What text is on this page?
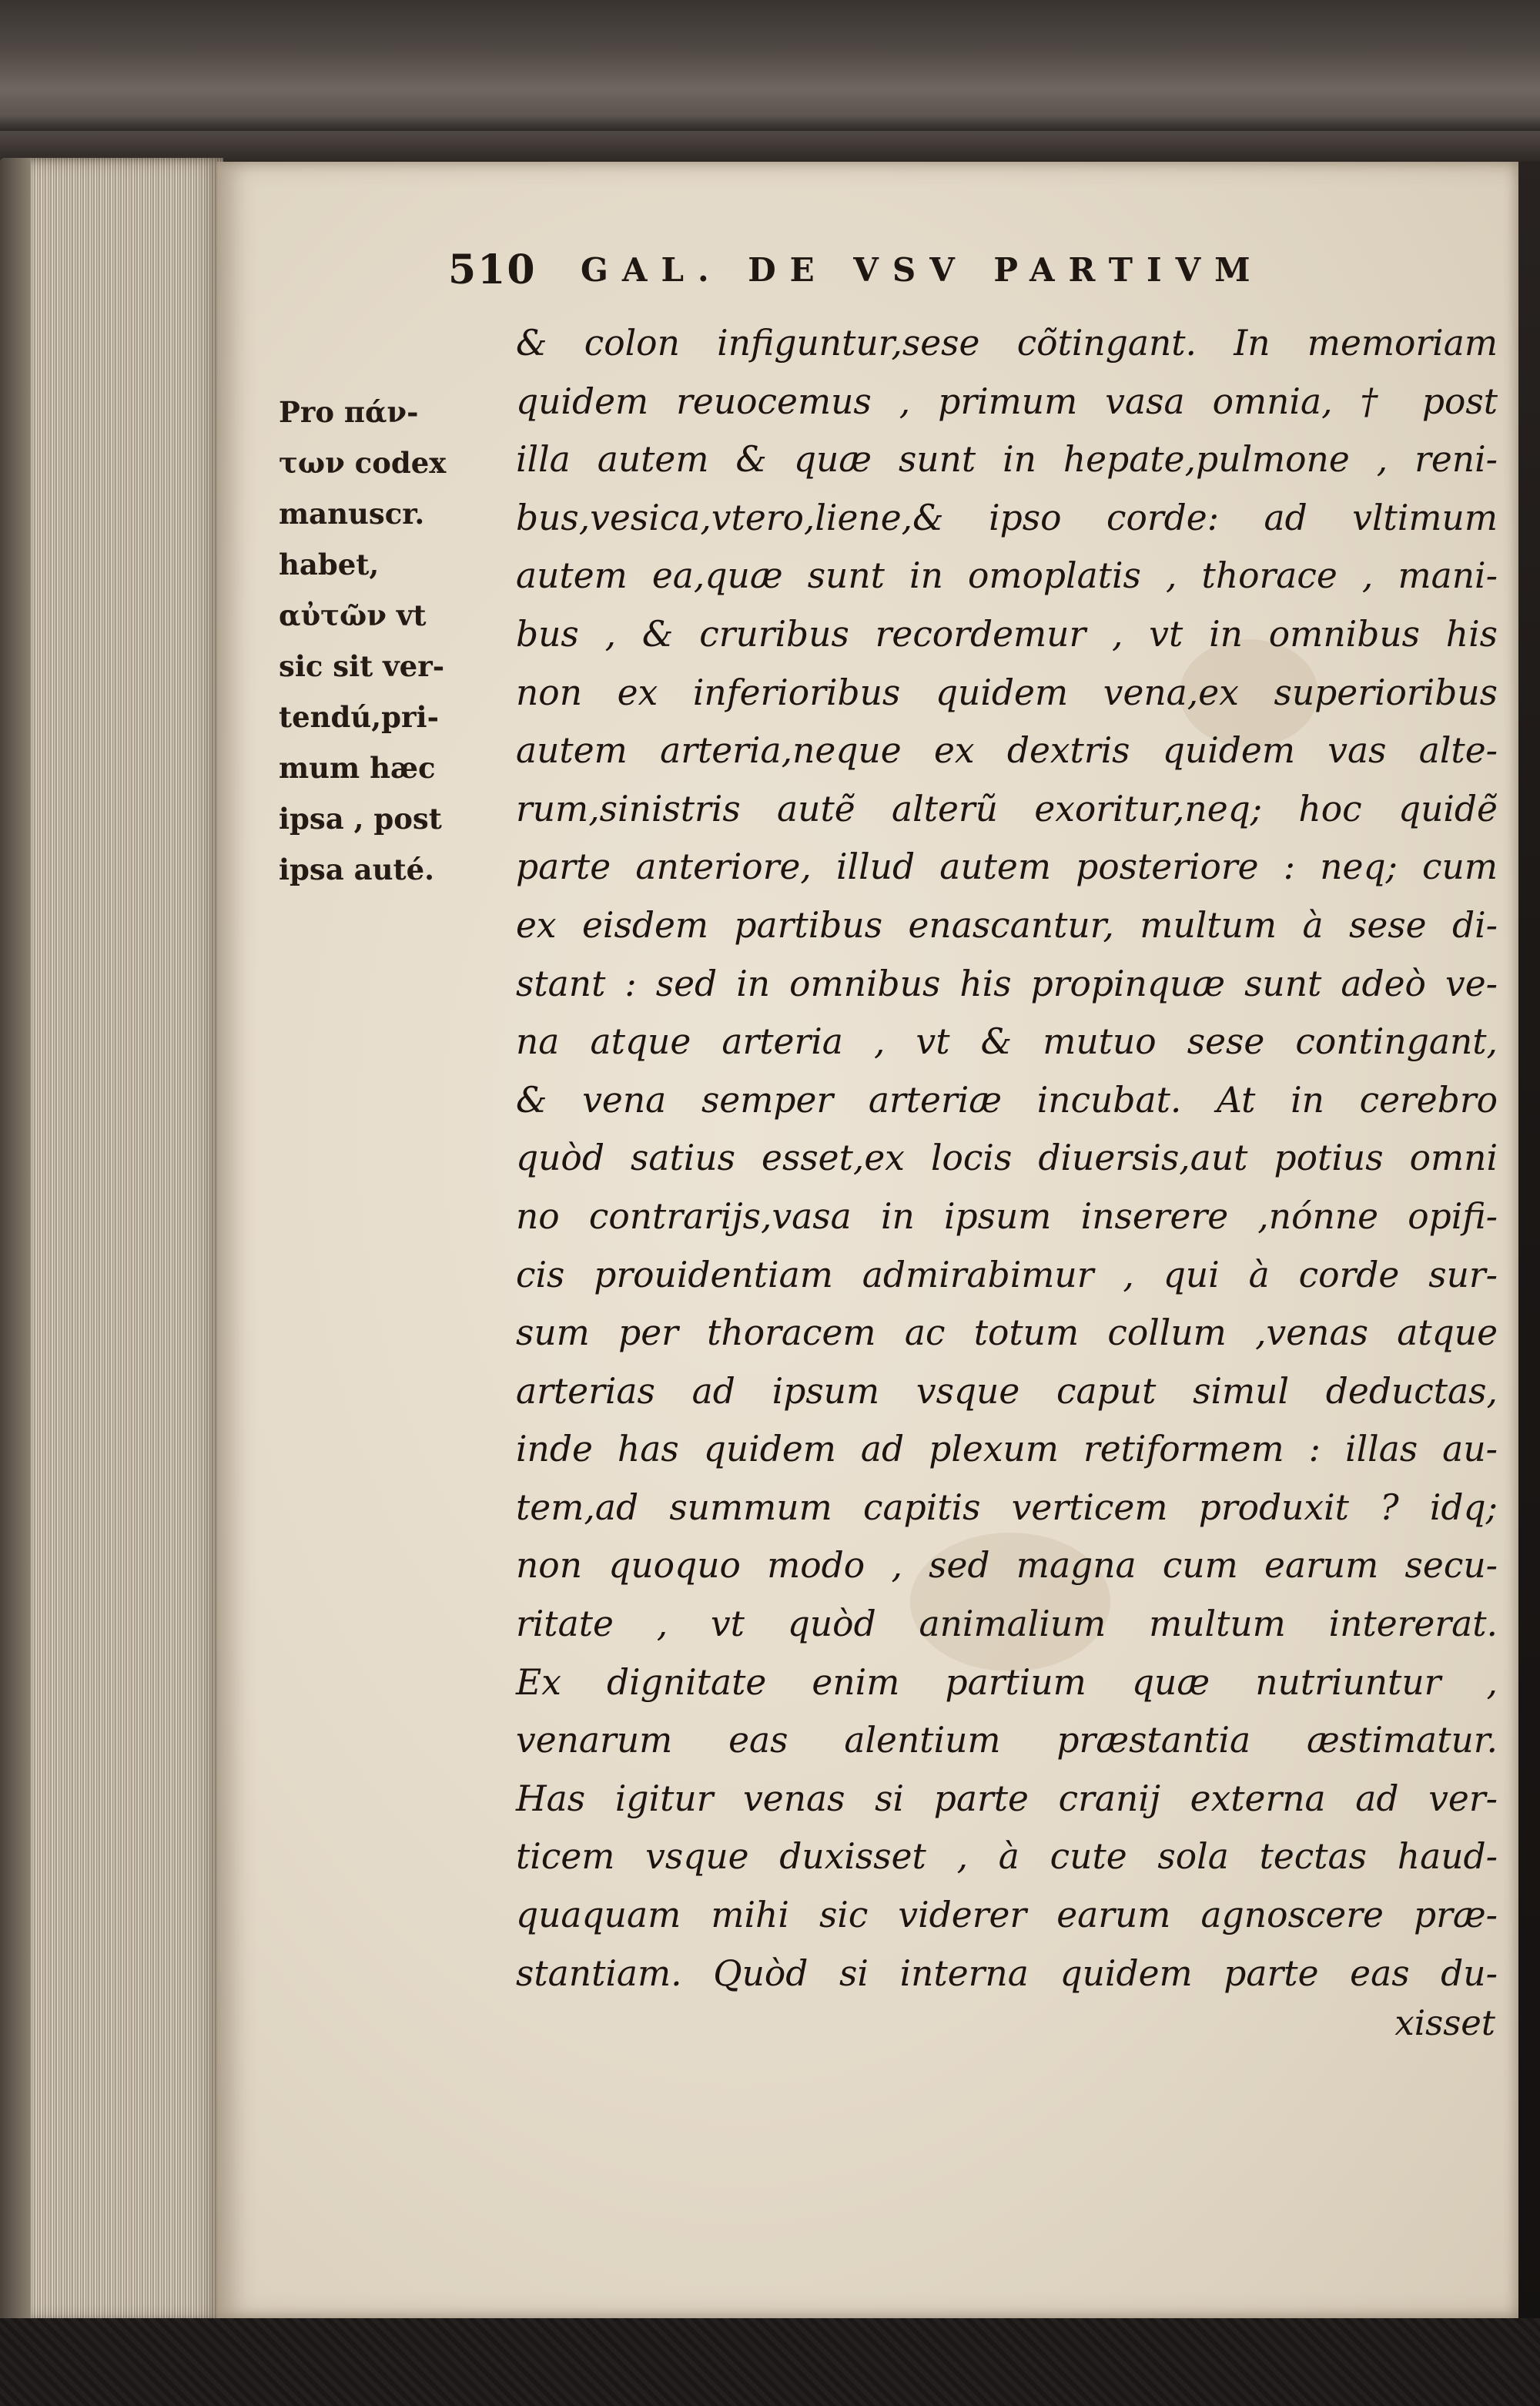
510 GAL. DE VSV PARTIVM
Pro πάν-
των codex
manuscr.
habet,
αὐτῶν vt
sic sit ver-
tendú,pri-
mum hæc
ipsa , post
ipsa auté.
& colon infiguntur,sese cõtingant. In memoriam
quidem reuocemus , primum vasa omnia, † post
illa autem & quæ sunt in hepate,pulmone , reni-
bus,vesica,vtero,liene,& ipso corde: ad vltimum
autem ea,quæ sunt in omoplatis , thorace , mani-
bus , & cruribus recordemur , vt in omnibus his
non ex inferioribus quidem vena,ex superioribus
autem arteria,neque ex dextris quidem vas alte-
rum,sinistris autẽ alterũ exoritur,neq; hoc quidẽ
parte anteriore, illud autem posteriore : neq; cum
ex eisdem partibus enascantur, multum à sese di-
stant : sed in omnibus his propinquæ sunt adeò ve-
na atque arteria , vt & mutuo sese contingant,
& vena semper arteriæ incubat. At in cerebro
quòd satius esset,ex locis diuersis,aut potius omni
no contrarijs,vasa in ipsum inserere ,nónne opifi-
cis prouidentiam admirabimur , qui à corde sur-
sum per thoracem ac totum collum ,venas atque
arterias ad ipsum vsque caput simul deductas,
inde has quidem ad plexum retiformem : illas au-
tem,ad summum capitis verticem produxit ? idq;
non quoquo modo , sed magna cum earum secu-
ritate , vt quòd animalium multum intererat.
Ex dignitate enim partium quæ nutriuntur ,
venarum eas alentium præstantia æstimatur.
Has igitur venas si parte cranij externa ad ver-
ticem vsque duxisset , à cute sola tectas haud-
quaquam mihi sic viderer earum agnoscere præ-
stantiam. Quòd si interna quidem parte eas du-
xisset
